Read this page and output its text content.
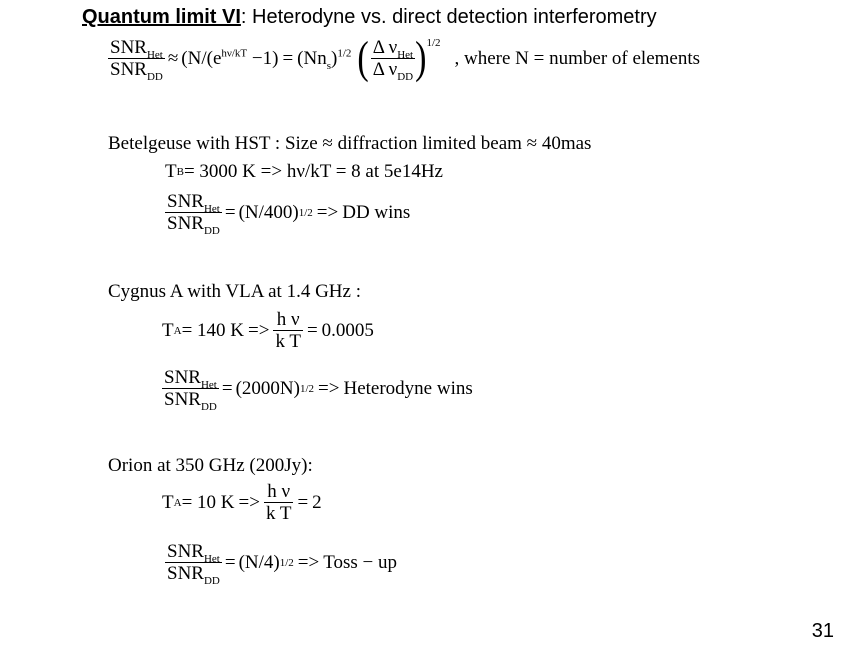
Quantum limit VI: Heterodyne vs. direct detection interferometry
$\frac{SNR_{Het}}{SNR_{DD}} \approx (N/(e^{h\nu/kT} -1) = (Nn_s)^{1/2}$ ( $\frac{\Delta \nu_{Het}}{\Delta \nu_{DD}} )^{1/2}$
, where N = number of elements
Betelgeuse with HST : Size ≈ diffraction limited beam ≈ 40mas
T B = 3000 K => hν/kT = 8 at 5e14Hz
$\frac{SNR_{Het}}{SNR_{DD}} = (N/400) 1/2$ => DD wins
Cygnus A with VLA at 1.4 GHz :
T A = 140 $K => \frac{\text{h ν}}{\text{k T}} = 0.0005$
$\frac{SNR_{Het}}{SNR_{DD}} = (2000N) 1/2$ => Heterodyne wins
Orion at 350 GHz (200Jy):
T A = 10 $K => \frac{\text{h ν}}{\text{k T}} = 2$
$\frac{SNR_{Het}}{SNR_{DD}} = (N/4) 1/2$ => Toss − up
31
